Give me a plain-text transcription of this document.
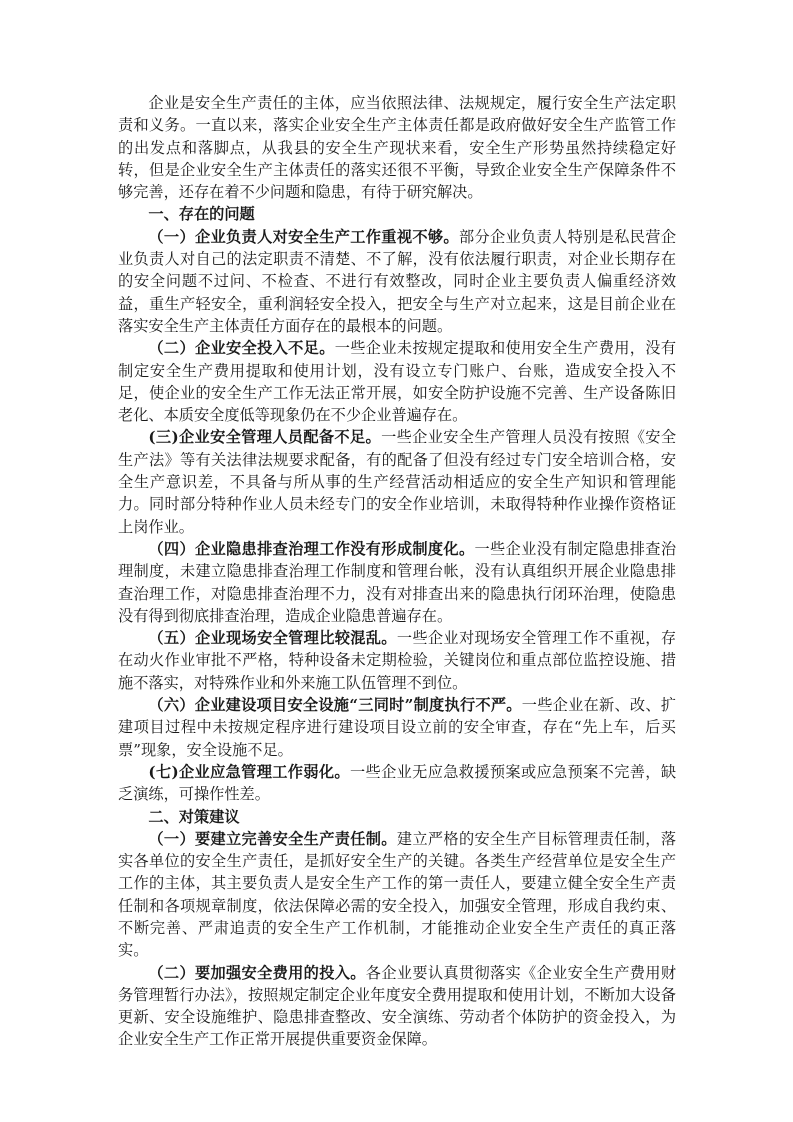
企业是安全生产责任的主体，应当依照法律、法规规定，履行安全生产法定职责和义务。一直以来，落实企业安全生产主体责任都是政府做好安全生产监管工作的出发点和落脚点，从我县的安全生产现状来看，安全生产形势虽然持续稳定好转，但是企业安全生产主体责任的落实还很不平衡，导致企业安全生产保障条件不够完善，还存在着不少问题和隐患，有待于研究解决。

一、存在的问题

（一）企业负责人对安全生产工作重视不够。部分企业负责人特别是私民营企业负责人对自己的法定职责不清楚、不了解，没有依法履行职责，对企业长期存在的安全问题不过问、不检查、不进行有效整改，同时企业主要负责人偏重经济效益，重生产轻安全，重利润轻安全投入，把安全与生产对立起来，这是目前企业在落实安全生产主体责任方面存在的最根本的问题。

（二）企业安全投入不足。一些企业未按规定提取和使用安全生产费用，没有制定安全生产费用提取和使用计划，没有设立专门账户、台账，造成安全投入不足，使企业的安全生产工作无法正常开展，如安全防护设施不完善、生产设备陈旧老化、本质安全度低等现象仍在不少企业普遍存在。

(三)企业安全管理人员配备不足。一些企业安全生产管理人员没有按照《安全生产法》等有关法律法规要求配备，有的配备了但没有经过专门安全培训合格，安全生产意识差，不具备与所从事的生产经营活动相适应的安全生产知识和管理能力。同时部分特种作业人员未经专门的安全作业培训，未取得特种作业操作资格证上岗作业。

（四）企业隐患排查治理工作没有形成制度化。一些企业没有制定隐患排查治理制度，未建立隐患排查治理工作制度和管理台帐，没有认真组织开展企业隐患排查治理工作，对隐患排查治理不力，没有对排查出来的隐患执行闭环治理，使隐患没有得到彻底排查治理，造成企业隐患普遍存在。

（五）企业现场安全管理比较混乱。一些企业对现场安全管理工作不重视，存在动火作业审批不严格，特种设备未定期检验，关键岗位和重点部位监控设施、措施不落实，对特殊作业和外来施工队伍管理不到位。

（六）企业建设项目安全设施“三同时”制度执行不严。一些企业在新、改、扩建项目过程中未按规定程序进行建设项目设立前的安全审查，存在“先上车，后买票”现象，安全设施不足。

(七)企业应急管理工作弱化。一些企业无应急救援预案或应急预案不完善，缺乏演练，可操作性差。

二、对策建议

（一）要建立完善安全生产责任制。建立严格的安全生产目标管理责任制，落实各单位的安全生产责任，是抓好安全生产的关键。各类生产经营单位是安全生产工作的主体，其主要负责人是安全生产工作的第一责任人，要建立健全安全生产责任制和各项规章制度，依法保障必需的安全投入，加强安全管理，形成自我约束、不断完善、严肃追责的安全生产工作机制，才能推动企业安全生产责任的真正落实。

（二）要加强安全费用的投入。各企业要认真贯彻落实《企业安全生产费用财务管理暂行办法》，按照规定制定企业年度安全费用提取和使用计划，不断加大设备更新、安全设施维护、隐患排查整改、安全演练、劳动者个体防护的资金投入，为企业安全生产工作正常开展提供重要资金保障。
